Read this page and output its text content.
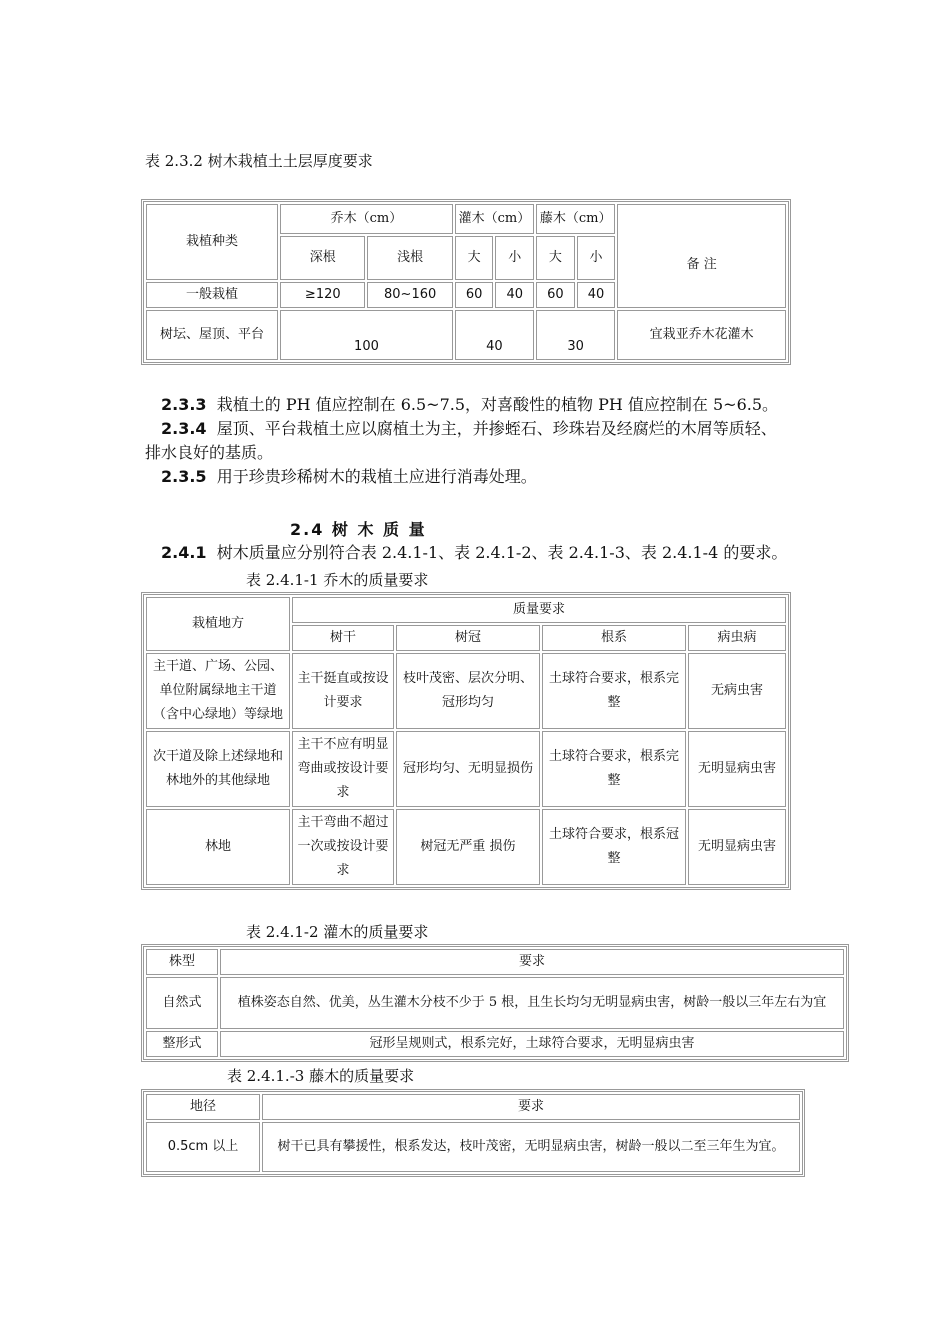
表 2.3.2 树木栽植土土层厚度要求
栽植种类	乔木（cm）		灌木（cm）		藤木（cm）		备 注
	深根	浅根	大	小	大	小	
一般栽植	≥120	80~160	60	40	60	40	
树坛、屋顶、平台	100		40		30		宜栽亚乔木花灌木
2.3.3 栽植土的 PH 值应控制在 6.5~7.5，对喜酸性的植物 PH 值应控制在 5~6.5。
2.3.4 屋顶、平台栽植土应以腐植土为主，并掺蛭石、珍珠岩及经腐烂的木屑等质轻、
排水良好的基质。
2.3.5 用于珍贵珍稀树木的栽植土应进行消毒处理。
2.4 树 木 质 量
2.4.1 树木质量应分别符合表 2.4.1-1、表 2.4.1-2、表 2.4.1-3、表 2.4.1-4 的要求。
表 2.4.1-1 乔木的质量要求
栽植地方	质量要求			
	树干	树冠	根系	病虫病
主干道、广场、公园、单位附属绿地主干道（含中心绿地）等绿地	主干挺直或按设计要求	枝叶茂密、层次分明、冠形均匀	土球符合要求，根系完整	无病虫害
次干道及除上述绿地和林地外的其他绿地	主干不应有明显弯曲或按设计要求	冠形均匀、无明显损伤	土球符合要求，根系完整	无明显病虫害
林地	主干弯曲不超过一次或按设计要求	树冠无严重 损伤	土球符合要求，根系冠整	无明显病虫害
表 2.4.1-2 灌木的质量要求
株型	要求
自然式	植株姿态自然、优美，丛生灌木分枝不少于 5 根，且生长均匀无明显病虫害，树龄一般以三年左右为宜
整形式	冠形呈规则式，根系完好，土球符合要求，无明显病虫害
表 2.4.1.-3 藤木的质量要求
地径	要求
0.5cm 以上	树干已具有攀援性，根系发达，枝叶茂密，无明显病虫害，树龄一般以二至三年生为宜。
